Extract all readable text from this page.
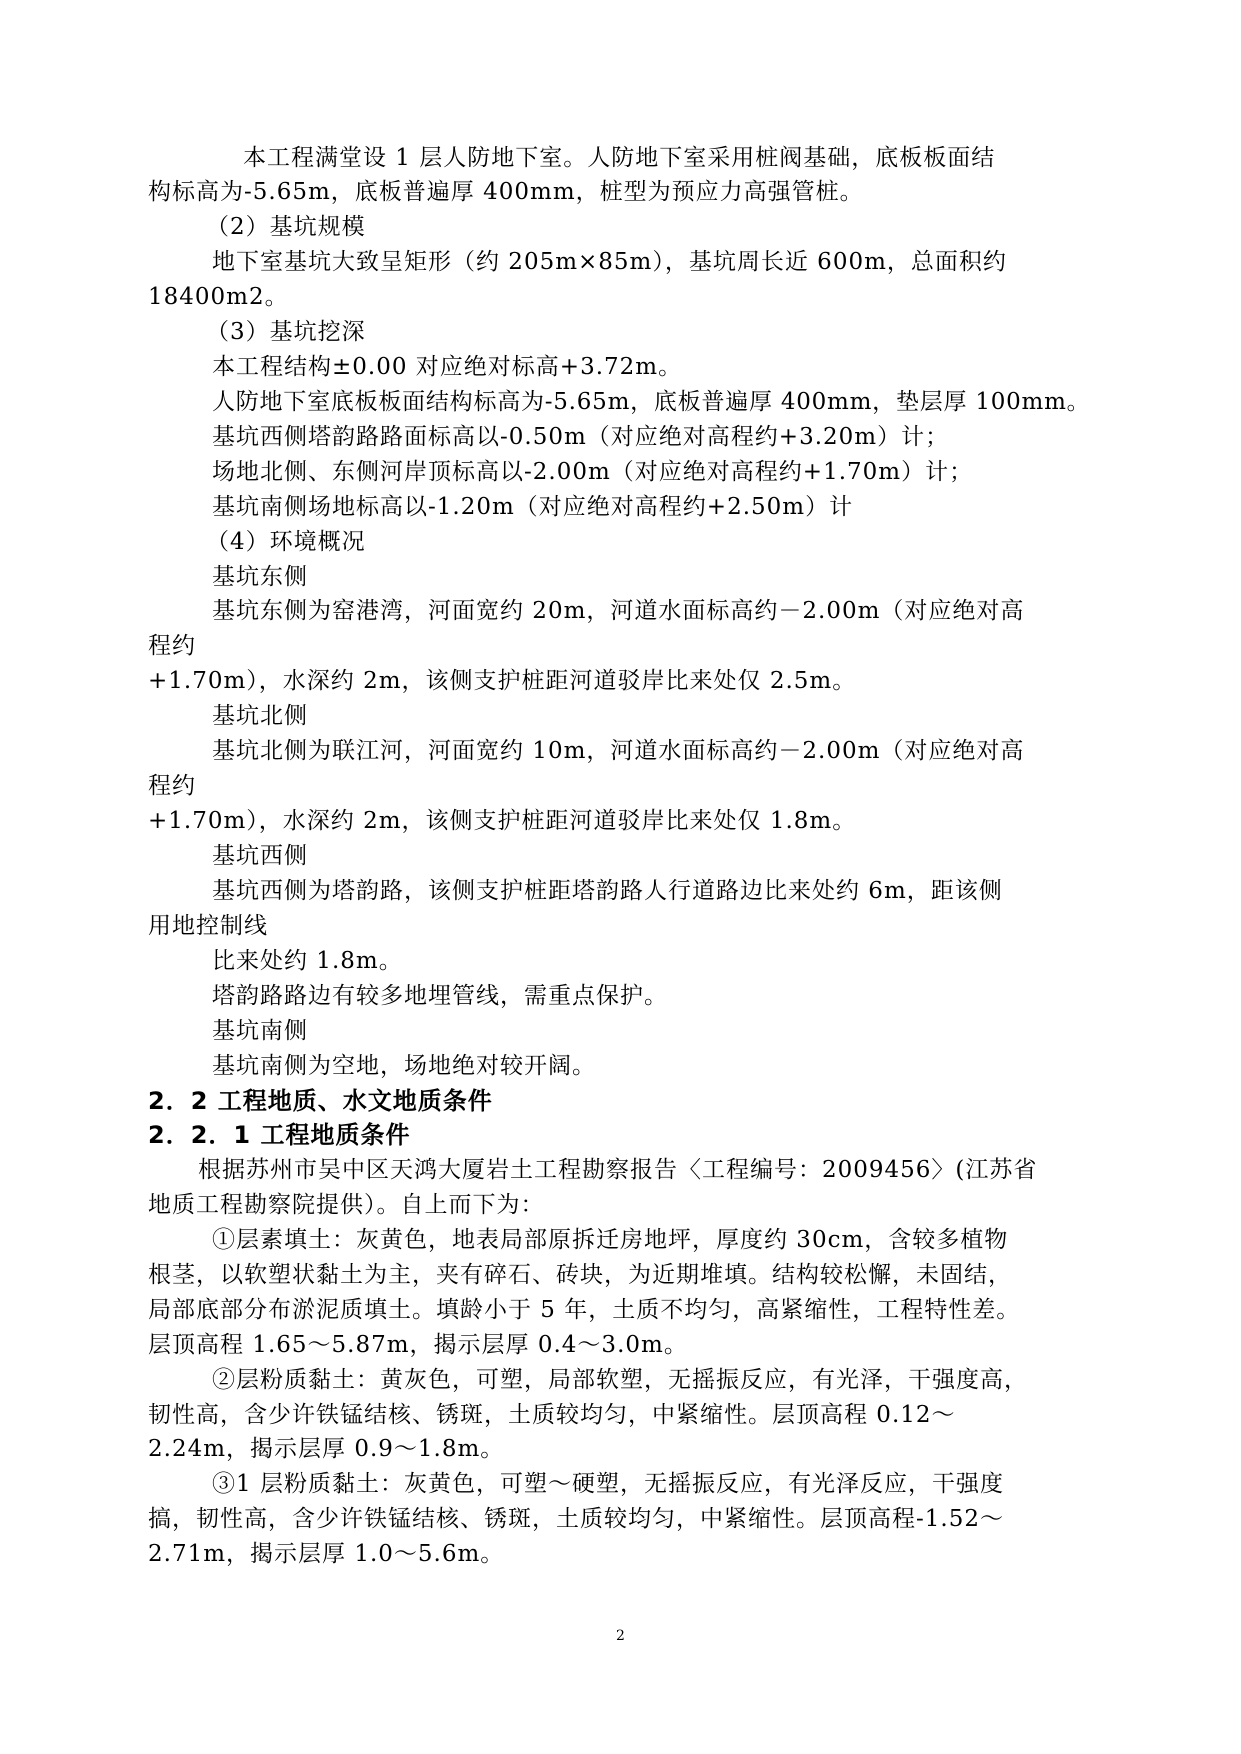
本工程满堂设 1 层人防地下室。人防地下室采用桩阀基础，底板板面结
构标高为-5.65m，底板普遍厚 400mm，桩型为预应力高强管桩。
（2）基坑规模
地下室基坑大致呈矩形（约 205m×85m），基坑周长近 600m，总面积约
18400m2。
（3）基坑挖深
本工程结构±0.00 对应绝对标高+3.72m。
人防地下室底板板面结构标高为-5.65m，底板普遍厚 400mm，垫层厚 100mm。
基坑西侧塔韵路路面标高以-0.50m（对应绝对高程约+3.20m）计；
场地北侧、东侧河岸顶标高以-2.00m（对应绝对高程约+1.70m）计；
基坑南侧场地标高以-1.20m（对应绝对高程约+2.50m）计
（4）环境概况
基坑东侧
基坑东侧为窑港湾，河面宽约 20m，河道水面标高约－2.00m（对应绝对高
程约
+1.70m），水深约 2m，该侧支护桩距河道驳岸比来处仅 2.5m。
基坑北侧
基坑北侧为联江河，河面宽约 10m，河道水面标高约－2.00m（对应绝对高
程约
+1.70m），水深约 2m，该侧支护桩距河道驳岸比来处仅 1.8m。
基坑西侧
基坑西侧为塔韵路，该侧支护桩距塔韵路人行道路边比来处约 6m，距该侧
用地控制线
比来处约 1.8m。
塔韵路路边有较多地埋管线，需重点保护。
基坑南侧
基坑南侧为空地，场地绝对较开阔。
2．2 工程地质、水文地质条件
2．2．1 工程地质条件
根据苏州市吴中区天鸿大厦岩土工程勘察报告〈工程编号：2009456〉(江苏省
地质工程勘察院提供）。自上而下为：
①层素填土：灰黄色，地表局部原拆迁房地坪，厚度约 30cm，含较多植物
根茎，以软塑状黏土为主，夹有碎石、砖块，为近期堆填。结构较松懈，未固结，
局部底部分布淤泥质填土。填龄小于 5 年，土质不均匀，高紧缩性，工程特性差。
层顶高程 1.65～5.87m，揭示层厚 0.4～3.0m。
②层粉质黏土：黄灰色，可塑，局部软塑，无摇振反应，有光泽，干强度高，
韧性高，含少许铁锰结核、锈斑，土质较均匀，中紧缩性。层顶高程 0.12～
2.24m，揭示层厚 0.9～1.8m。
③1 层粉质黏土：灰黄色，可塑～硬塑，无摇振反应，有光泽反应，干强度
搞，韧性高，含少许铁锰结核、锈斑，土质较均匀，中紧缩性。层顶高程-1.52～
2.71m，揭示层厚 1.0～5.6m。
2
